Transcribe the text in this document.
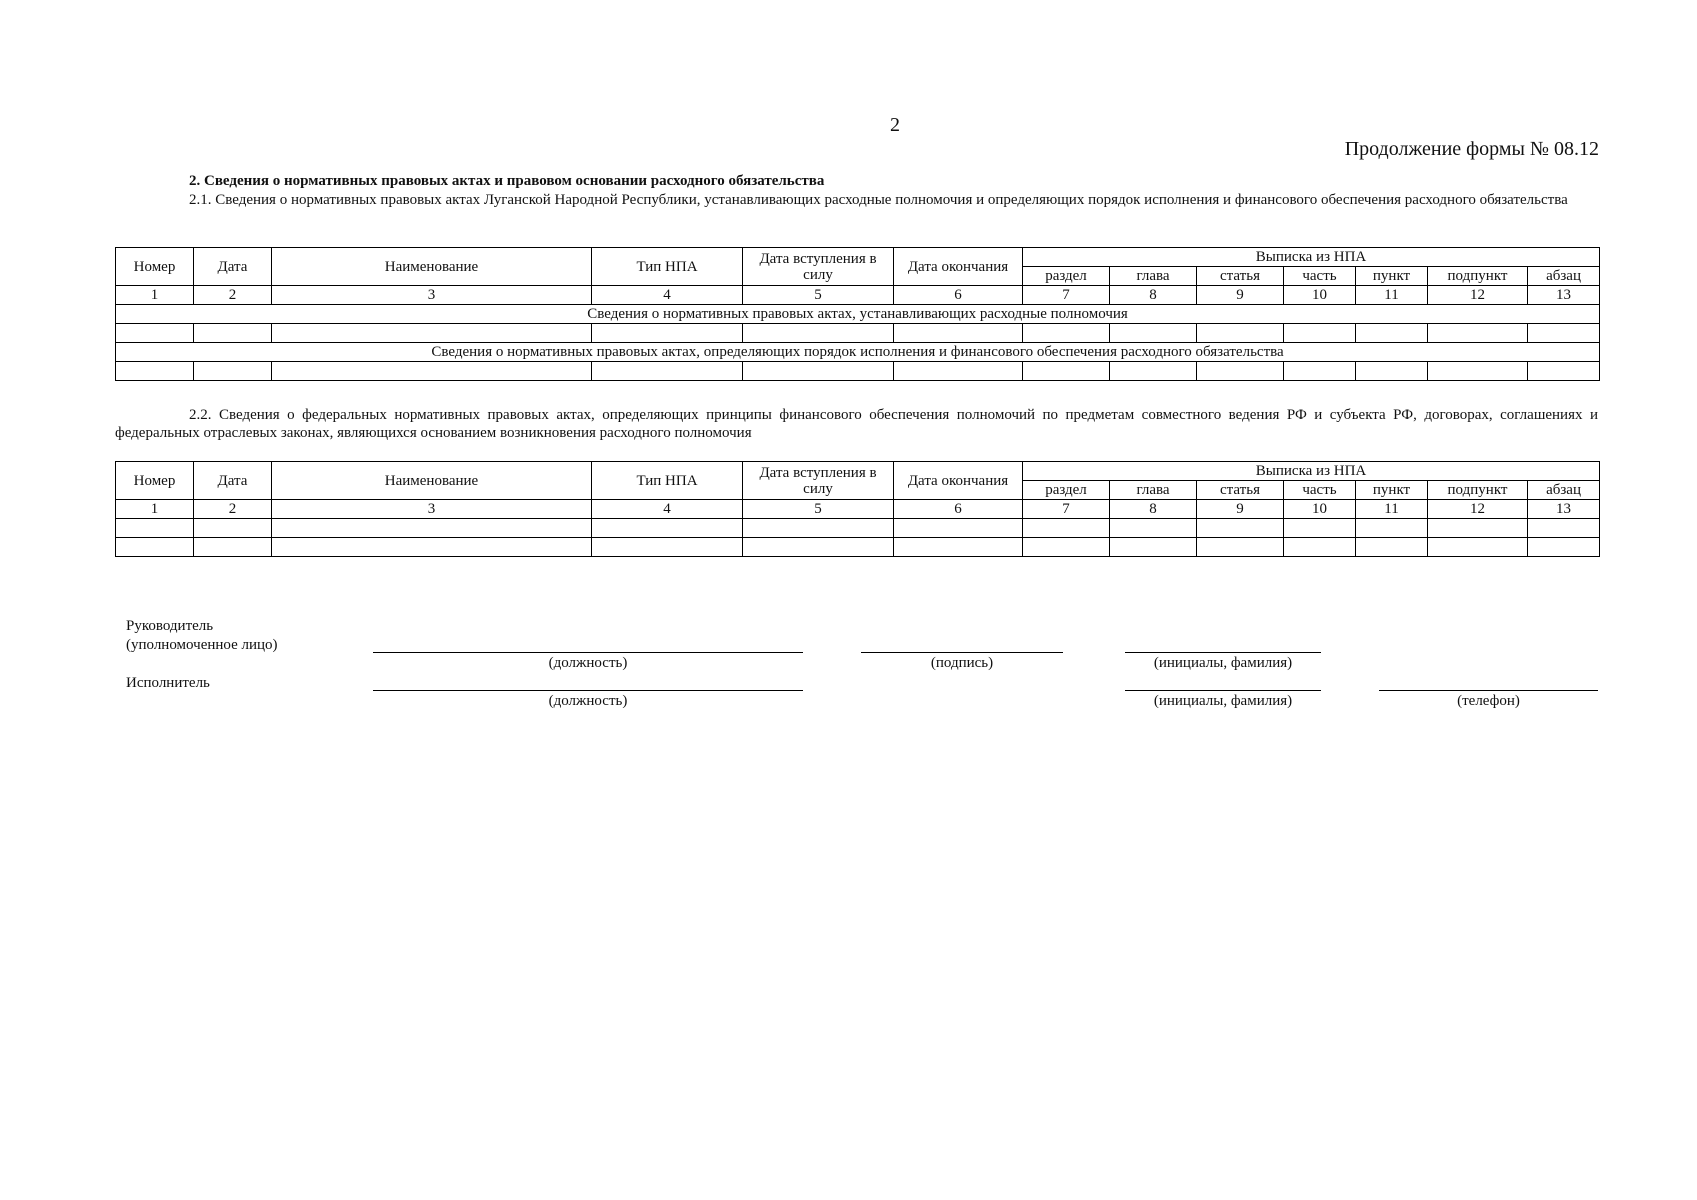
2
Продолжение формы № 08.12
2. Сведения о нормативных правовых актах и правовом основании расходного обязательства

2.1. Сведения о нормативных правовых актах Луганской Народной Республики, устанавливающих расходные полномочия и определяющих порядок исполнения и финансового обеспечения расходного обязательства

Номер	Дата	Наименование	Тип НПА	Дата вступления в силу	Дата окончания	Выписка из НПА						
						раздел	глава	статья	часть	пункт	подпункт	абзац
1	2	3	4	5	6	7	8	9	10	11	12	13
Сведения о нормативных правовых актах, устанавливающих расходные полномочия												

Сведения о нормативных правовых актах, определяющих порядок исполнения и финансового обеспечения расходного обязательства												

2.2. Сведения о федеральных нормативных правовых актах, определяющих принципы финансового обеспечения полномочий по предметам совместного ведения РФ и субъекта РФ, договорах, соглашениях и федеральных отраслевых законах, являющихся основанием возникновения расходного полномочия

Номер	Дата	Наименование	Тип НПА	Дата вступления в силу	Дата окончания	Выписка из НПА						
						раздел	глава	статья	часть	пункт	подпункт	абзац
1	2	3	4	5	6	7	8	9	10	11	12	13

Руководитель
(уполномоченное лицо)
(должность)	(подпись)	(инициалы, фамилия)
Исполнитель
(должность)	(инициалы, фамилия)	(телефон)
